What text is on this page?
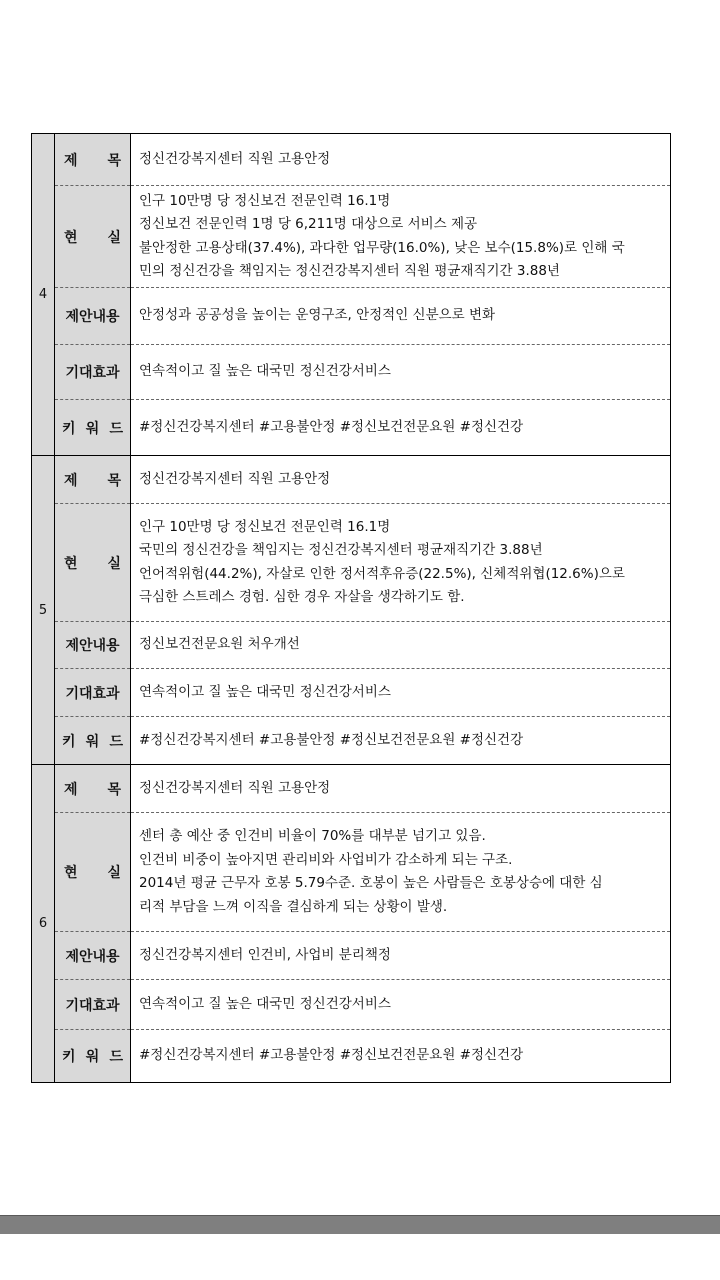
4	제 목	정신건강복지센터 직원 고용안정

	현 실	인구 10만명 당 정신보건 전문인력 16.1명
정신보건 전문인력 1명 당 6,211명 대상으로 서비스 제공
불안정한 고용상태(37.4%), 과다한 업무량(16.0%), 낮은 보수(15.8%)로 인해 국
민의 정신건강을 책임지는 정신건강복지센터 직원 평균재직기간 3.88년

	제안내용	안정성과 공공성을 높이는 운영구조, 안정적인 신분으로 변화

	기대효과	연속적이고 질 높은 대국민 정신건강서비스

	키 워 드	#정신건강복지센터 #고용불안정 #정신보건전문요원 #정신건강
5	제 목	정신건강복지센터 직원 고용안정

	현 실	인구 10만명 당 정신보건 전문인력 16.1명
국민의 정신건강을 책임지는 정신건강복지센터 평균재직기간 3.88년
언어적위험(44.2%), 자살로 인한 정서적후유증(22.5%), 신체적위협(12.6%)으로
극심한 스트레스 경험. 심한 경우 자살을 생각하기도 함.

	제안내용	정신보건전문요원 처우개선

	기대효과	연속적이고 질 높은 대국민 정신건강서비스

	키 워 드	#정신건강복지센터 #고용불안정 #정신보건전문요원 #정신건강
6	제 목	정신건강복지센터 직원 고용안정

	현 실	센터 총 예산 중 인건비 비율이 70%를 대부분 넘기고 있음.
인건비 비중이 높아지면 관리비와 사업비가 감소하게 되는 구조.
2014년 평균 근무자 호봉 5.79수준. 호봉이 높은 사람들은 호봉상승에 대한 심
리적 부담을 느껴 이직을 결심하게 되는 상황이 발생.

	제안내용	정신건강복지센터 인건비, 사업비 분리책정

	기대효과	연속적이고 질 높은 대국민 정신건강서비스

	키 워 드	#정신건강복지센터 #고용불안정 #정신보건전문요원 #정신건강
